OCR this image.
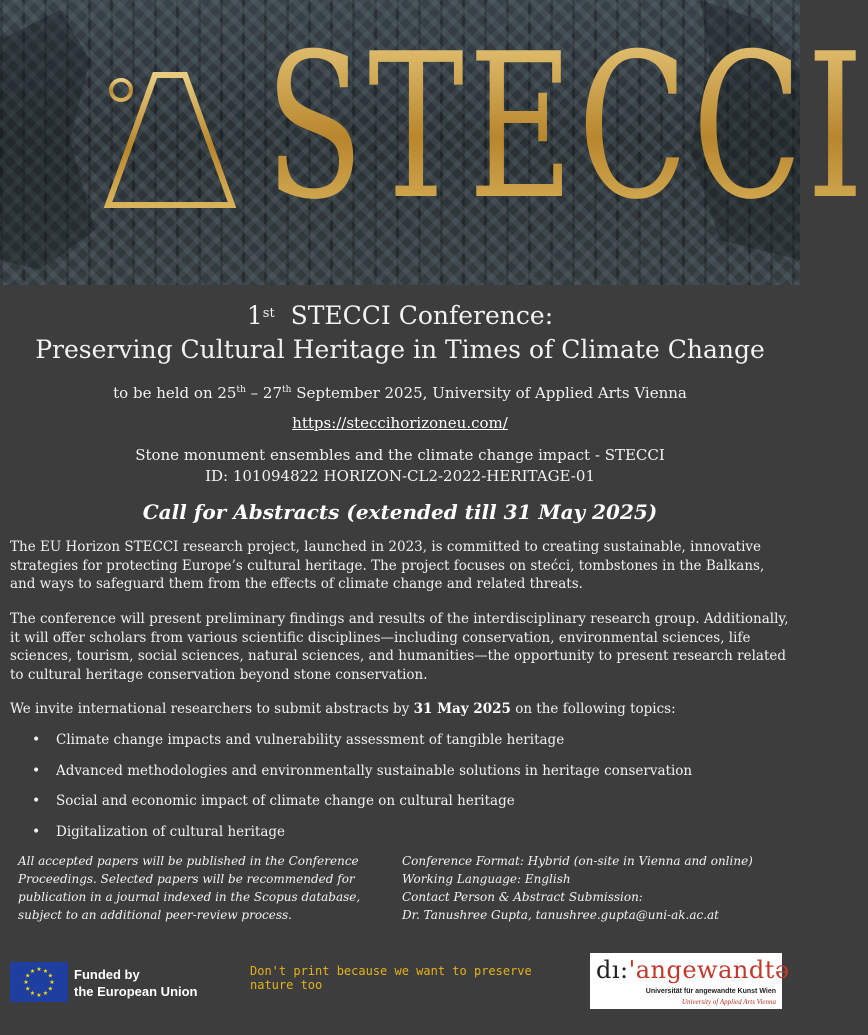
STECCI
1st STECCI Conference:
Preserving Cultural Heritage in Times of Climate Change
to be held on 25th – 27th September 2025, University of Applied Arts Vienna
https://steccihorizoneu.com/
Stone monument ensembles and the climate change impact - STECCI
ID: 101094822 HORIZON-CL2-2022-HERITAGE-01
Call for Abstracts (extended till 31 May 2025)
The EU Horizon STECCI research project, launched in 2023, is committed to creating sustainable, innovative strategies for protecting Europe’s cultural heritage. The project focuses on stećci, tombstones in the Balkans, and ways to safeguard them from the effects of climate change and related threats.
The conference will present preliminary findings and results of the interdisciplinary research group. Additionally, it will offer scholars from various scientific disciplines—including conservation, environmental sciences, life sciences, tourism, social sciences, natural sciences, and humanities—the opportunity to present research related to cultural heritage conservation beyond stone conservation.
We invite international researchers to submit abstracts by 31 May 2025 on the following topics:
• Climate change impacts and vulnerability assessment of tangible heritage
• Advanced methodologies and environmentally sustainable solutions in heritage conservation
• Social and economic impact of climate change on cultural heritage
• Digitalization of cultural heritage
All accepted papers will be published in the Conference
Proceedings. Selected papers will be recommended for
publication in a journal indexed in the Scopus database,
subject to an additional peer-review process.
Conference Format: Hybrid (on-site in Vienna and online)
Working Language: English
Contact Person & Abstract Submission:
Dr. Tanushree Gupta, tanushree.gupta@uni-ak.ac.at
★ ★
★
★
★
★
★
★
★
★
★
★	Funded by
the European Union
Don't print because we want to preserve nature too
dı:'angewandtǝ
Universität für angewandte Kunst Wien
University of Applied Arts Vienna
